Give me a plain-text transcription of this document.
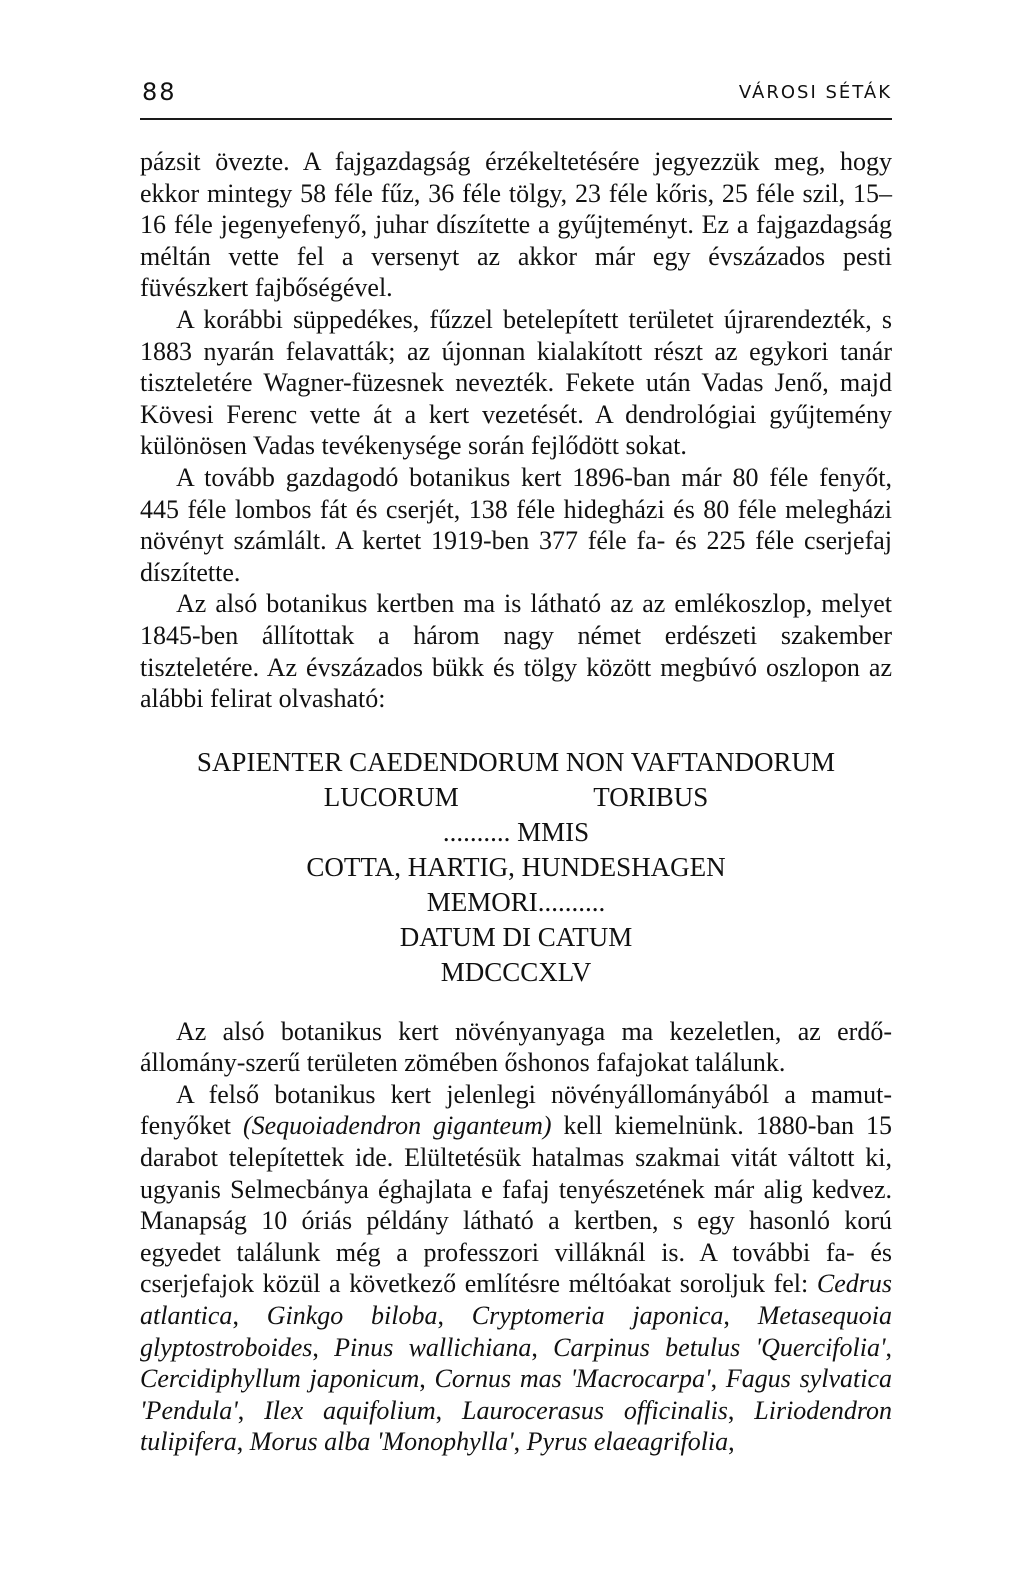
88	VÁROSI SÉTÁK

pázsit övezte. A fajgazdagság érzékeltetésére jegyezzük meg, hogy ekkor mintegy 58 féle fűz, 36 féle tölgy, 23 féle kőris, 25 féle szil, 15–16 féle jegenyefenyő, juhar díszítette a gyűjteményt. Ez a fajgazdagság méltán vette fel a versenyt az akkor már egy évszázados pesti füvészkert fajbőségével.

A korábbi süppedékes, fűzzel betelepített területet újrarendezték, s 1883 nyarán felavatták; az újonnan kialakított részt az egykori tanár tiszteletére Wagner-füzesnek nevezték. Fekete után Vadas Jenő, majd Kövesi Ferenc vette át a kert vezetését. A dendrológiai gyűjtemény különösen Vadas tevékenysége során fejlődött sokat.

A tovább gazdagodó botanikus kert 1896-ban már 80 féle fenyőt, 445 féle lombos fát és cserjét, 138 féle hidegházi és 80 féle melegházi növényt számlált. A kertet 1919-ben 377 féle fa- és 225 féle cserjefaj díszítette.

Az alsó botanikus kertben ma is látható az az emlékoszlop, melyet 1845-ben állítottak a három nagy német erdészeti szakember tiszteletére. Az évszázados bükk és tölgy között megbúvó oszlopon az alábbi felirat olvasható:

SAPIENTER CAEDENDORUM NON VAFTANDORUM
LUCORUM                    TORIBUS
.......... MMIS
COTTA, HARTIG, HUNDESHAGEN
MEMORI..........
DATUM DI CATUM
MDCCCXLV

Az alsó botanikus kert növényanyaga ma kezeletlen, az erdőállomány-szerű területen zömében őshonos fafajokat találunk.

A felső botanikus kert jelenlegi növényállományából a mamutfenyőket (Sequoiadendron giganteum) kell kiemelnünk. 1880-ban 15 darabot telepítettek ide. Elültetésük hatalmas szakmai vitát váltott ki, ugyanis Selmecbánya éghajlata e fafaj tenyészetének már alig kedvez. Manapság 10 óriás példány látható a kertben, s egy hasonló korú egyedet találunk még a professzori villáknál is. A további fa- és cserjefajok közül a következő említésre méltóakat soroljuk fel: Cedrus atlantica, Ginkgo biloba, Cryptomeria japonica, Metasequoia glyptostroboides, Pinus wallichiana, Carpinus betulus 'Quercifolia', Cercidiphyllum japonicum, Cornus mas 'Macrocarpa', Fagus sylvatica 'Pendula', Ilex aquifolium, Laurocerasus officinalis, Liriodendron tulipifera, Morus alba 'Monophylla', Pyrus elaeagrifolia,
